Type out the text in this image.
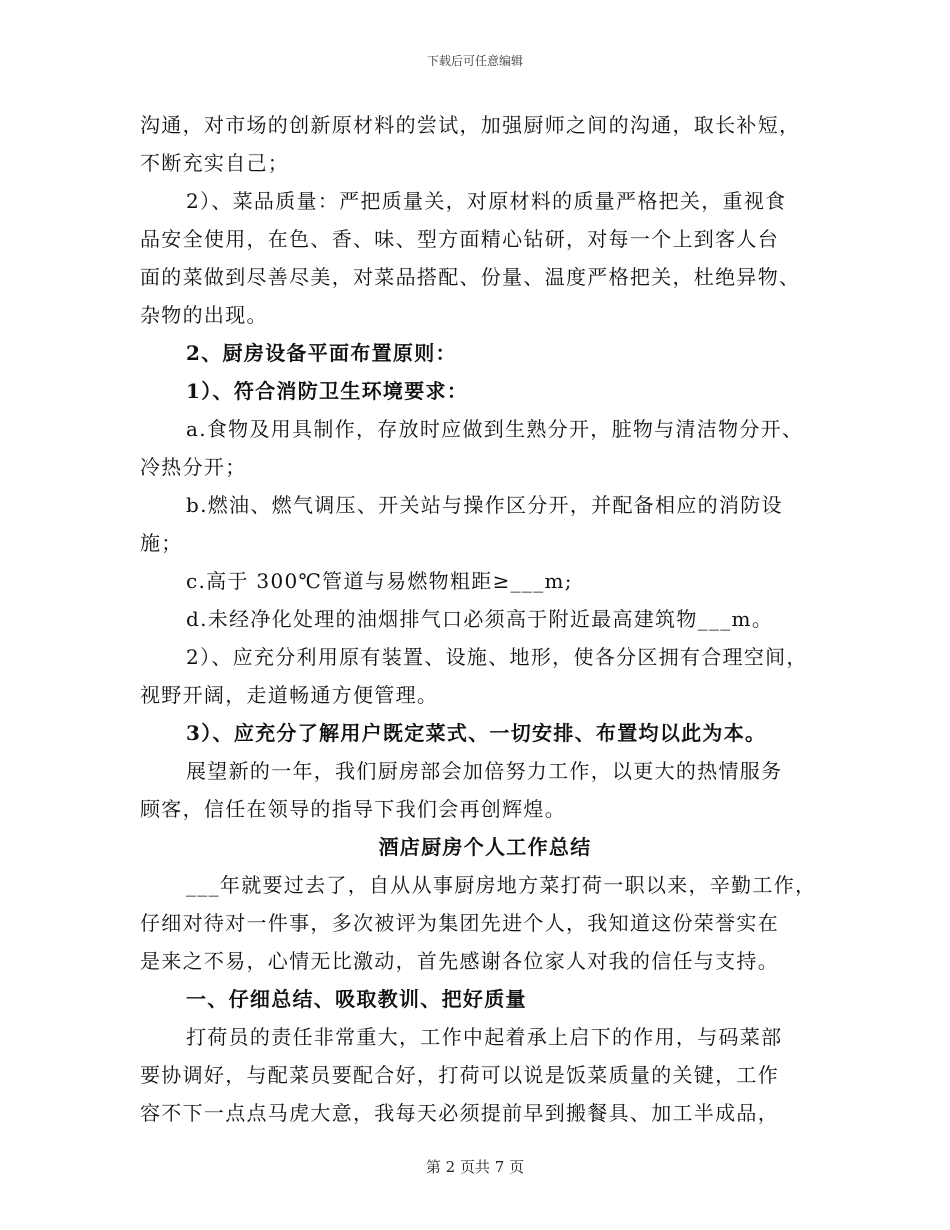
下载后可任意编辑
沟通，对市场的创新原材料的尝试，加强厨师之间的沟通，取长补短，
不断充实自己；
2）、菜品质量：严把质量关，对原材料的质量严格把关，重视食
品安全使用，在色、香、味、型方面精心钻研，对每一个上到客人台
面的菜做到尽善尽美，对菜品搭配、份量、温度严格把关，杜绝异物、
杂物的出现。
2、厨房设备平面布置原则：
1）、符合消防卫生环境要求：
a.食物及用具制作，存放时应做到生熟分开，脏物与清洁物分开、
冷热分开；
b.燃油、燃气调压、开关站与操作区分开，并配备相应的消防设
施；
c.高于 300℃管道与易燃物粗距≥___m;
d.未经净化处理的油烟排气口必须高于附近最高建筑物___m。
2）、应充分利用原有装置、设施、地形，使各分区拥有合理空间，
视野开阔，走道畅通方便管理。
3）、应充分了解用户既定菜式、一切安排、布置均以此为本。
展望新的一年，我们厨房部会加倍努力工作，以更大的热情服务
顾客，信任在领导的指导下我们会再创辉煌。
酒店厨房个人工作总结
___年就要过去了，自从从事厨房地方菜打荷一职以来，辛勤工作，
仔细对待对一件事，多次被评为集团先进个人，我知道这份荣誉实在
是来之不易，心情无比激动，首先感谢各位家人对我的信任与支持。
一、仔细总结、吸取教训、把好质量
打荷员的责任非常重大，工作中起着承上启下的作用，与码菜部
要协调好，与配菜员要配合好，打荷可以说是饭菜质量的关键，工作
容不下一点点马虎大意，我每天必须提前早到搬餐具、加工半成品，
第 2 页共 7 页
